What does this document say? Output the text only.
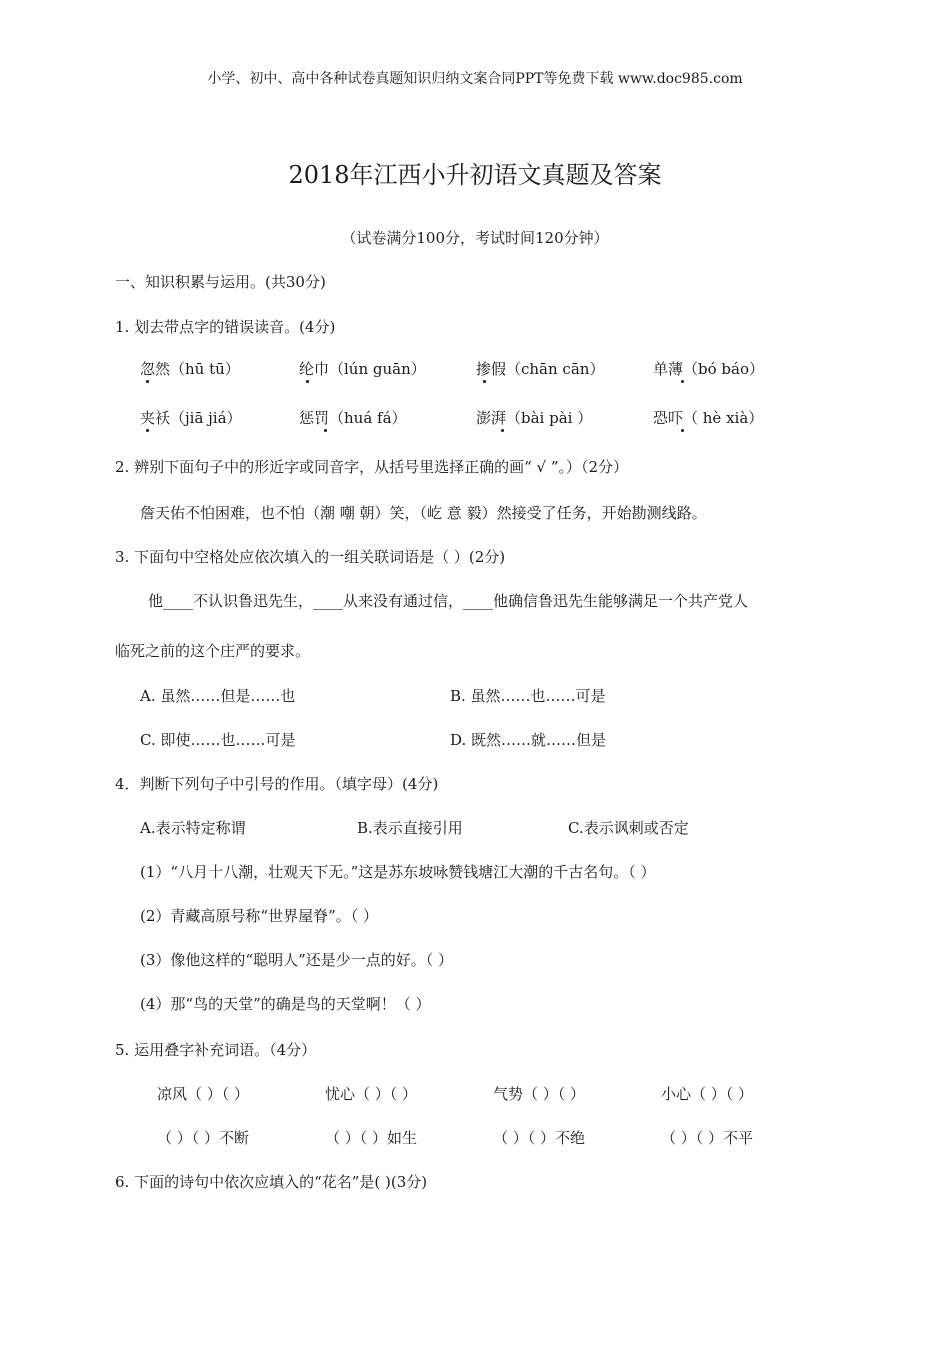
小学、初中、高中各种试卷真题知识归纳文案合同PPT等免费下载 www.doc985.com
2018年江西小升初语文真题及答案
（试卷满分100分，考试时间120分钟）
一、知识积累与运用。(共30分)
1. 划去带点字的错误读音。(4分)
忽然（hū tū）	纶巾（lún guān）	掺假（chān cān）	单薄（bó báo）
夹袄（jiā jiá）	惩罚（huá fá）	澎湃（bài pài ）	恐吓（ hè xià）
2. 辨别下面句子中的形近字或同音字，从括号里选择正确的画“ √ ”。）（2分）
詹天佑不怕困难，也不怕（潮 嘲 朝）笑，（屹 意 毅）然接受了任务，开始勘测线路。
3. 下面句中空格处应依次填入的一组关联词语是（ ）(2分)
他____不认识鲁迅先生，____从来没有通过信，____他确信鲁迅先生能够满足一个共产党人
临死之前的这个庄严的要求。
A. 虽然……但是……也	B. 虽然……也……可是
C. 即使……也……可是	D. 既然……就……但是
4．判断下列句子中引号的作用。（填字母）(4分)
A.表示特定称谓	B.表示直接引用	C.表示讽刺或否定
(1）“八月十八潮，壮观天下无。”这是苏东坡咏赞钱塘江大潮的千古名句。（ ）
(2）青藏高原号称“世界屋脊”。（ ）
(3）像他这样的“聪明人”还是少一点的好。（ ）
(4）那“鸟的天堂”的确是鸟的天堂啊！（ ）
5. 运用叠字补充词语。（4分）
凉风（ ）（ ）	忧心（ ）（ ）	气势（ ）（ ）	小心（ ）（ ）
（ ）（ ）不断	（ ）（ ）如生	（ ）（ ）不绝	（ ）（ ）不平
6. 下面的诗句中依次应填入的“花名”是( )(3分)
